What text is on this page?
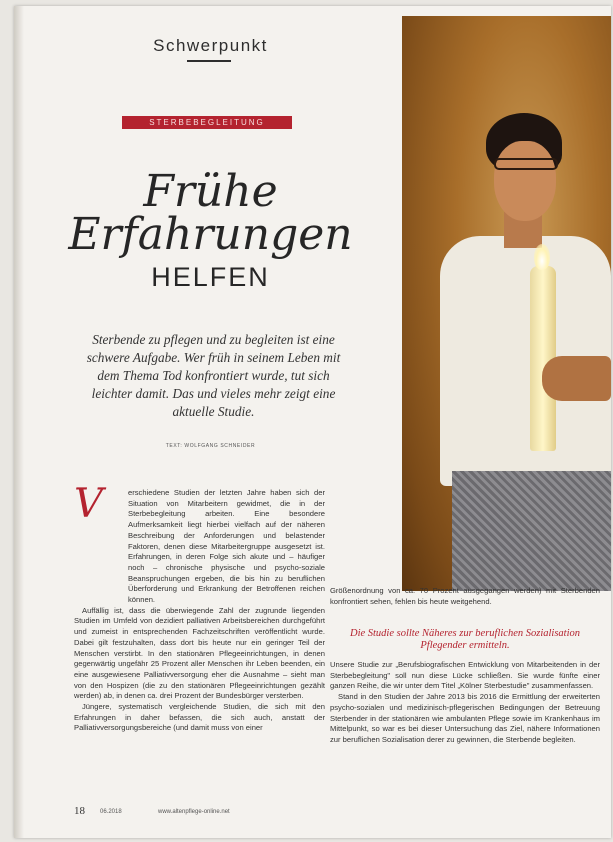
Schwerpunkt
STERBEBEGLEITUNG
Frühe
Erfahrungen
HELFEN
Sterbende zu pflegen und zu begleiten ist eine schwere Aufgabe. Wer früh in seinem Leben mit dem Thema Tod konfrontiert wurde, tut sich leichter damit. Das und vieles mehr zeigt eine aktuelle Studie.
TEXT: WOLFGANG SCHNEIDER
V	erschiedene Studien der letzten Jahre haben sich der Situation von Mitarbeitern gewidmet, die in der Sterbebegleitung arbeiten. Eine besondere Aufmerksamkeit liegt hierbei vielfach auf der näheren Beschreibung der Anforderungen und belastender Faktoren, denen diese Mitarbeitergruppe ausgesetzt ist. Erfahrungen, in deren Folge sich akute und – häufiger noch – chronische physische und psycho-soziale Beanspruchungen ergeben, die bis hin zu beruflichen Überforderung und Erkrankung der Betroffenen reichen können.

Auffällig ist, dass die überwiegende Zahl der zugrunde liegenden Studien im Umfeld von dezidiert palliativen Arbeitsbereichen durchgeführt und zumeist in entsprechenden Fachzeitschriften veröffentlicht wurde. Dabei gilt festzuhalten, dass dort bis heute nur ein geringer Teil der Menschen verstirbt. In den stationären Pflegeeinrichtungen, in denen gegenwärtig ungefähr 25 Prozent aller Menschen ihr Leben beenden, ein eine ausgewiesene Palliativversorgung eher die Ausnahme – sieht man von den Hospizen (die zu den stationären Pflegeeinrichtungen gezählt werden) ab, in denen ca. drei Prozent der Bundesbürger versterben.

Jüngere, systematisch vergleichende Studien, die sich mit den Erfahrungen in daher befassen, die sich auch, anstatt der Palliativversorgungsbereiche (und damit muss von einer

Größenordnung von ca. 70 Prozent ausgegangen werden) mit Sterbenden konfrontiert sehen, fehlen bis heute weitgehend.

Die Studie sollte Näheres zur beruflichen Sozialisation Pflegender ermitteln.

Unsere Studie zur „Berufsbiografischen Entwicklung von Mitarbeitenden in der Sterbebegleitung" soll nun diese Lücke schließen. Sie wurde fünfte einer ganzen Reihe, die wir unter dem Titel „Kölner Sterbestudie" zusammenfassen.

Stand in den Studien der Jahre 2013 bis 2016 die Ermittlung der erweiterten psycho-sozialen und medizinisch-pflegerischen Bedingungen der Betreuung Sterbender in der stationären wie ambulanten Pflege sowie im Krankenhaus im Mittelpunkt, so war es bei dieser Untersuchung das Ziel, nähere Informationen zur beruflichen Sozialisation derer zu gewinnen, die Sterbende begleiten.

18	06.2018	www.altenpflege-online.net
